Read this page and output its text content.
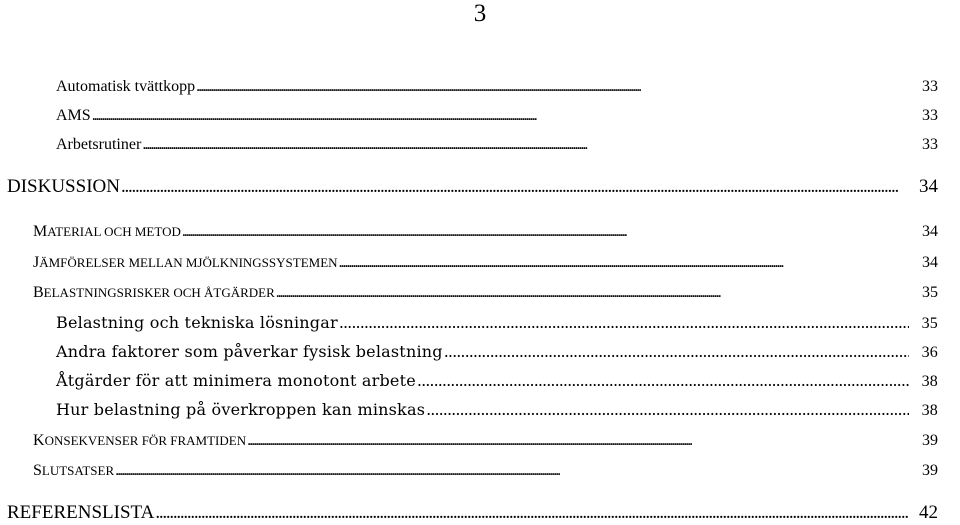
3
Automatisk tvättkopp . . .	33
AMS . . .	33
Arbetsrutiner . . .	33
DISKUSSION . . .	34
MATERIAL OCH METOD . . .	34
JÄMFÖRELSER MELLAN MJÖLKNINGSSYSTEMEN . . .	34
BELASTNINGSRISKER OCH ÅTGÄRDER . . .	35
Belastning och tekniska lösningar . . .	35
Andra faktorer som påverkar fysisk belastning . . .	36
Åtgärder för att minimera monotont arbete . . .	38
Hur belastning på överkroppen kan minskas . . .	38
KONSEKVENSER FÖR FRAMTIDEN . . .	39
SLUTSATSER . . .	39
REFERENSLISTA . . .	42
